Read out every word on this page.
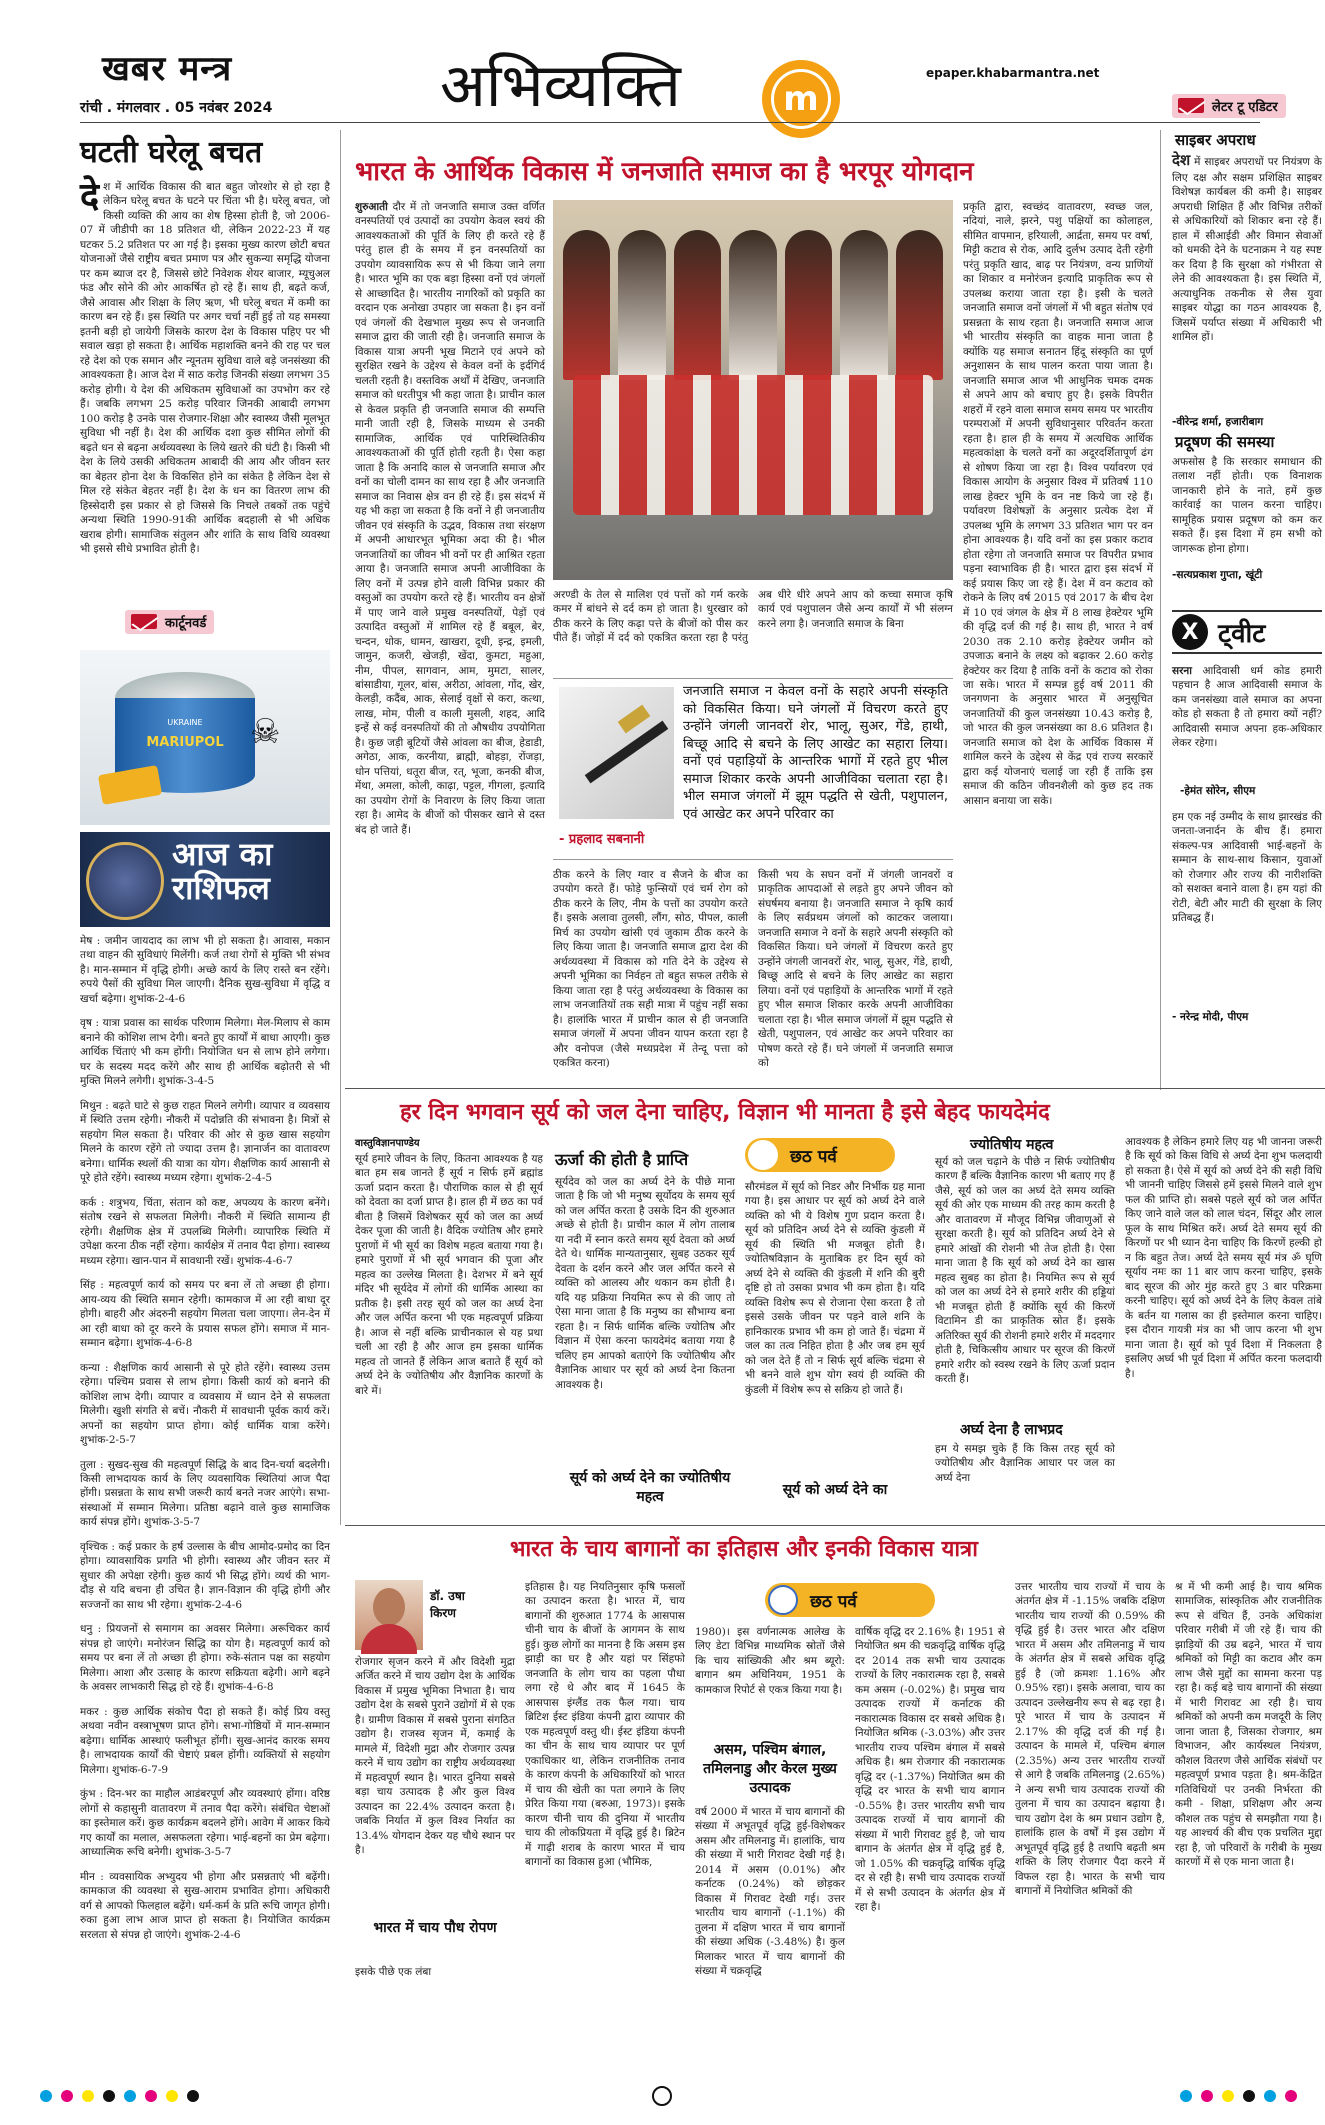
खबर मन्त्र
रांची . मंगलवार . 05 नवंबर 2024	अभिव्यक्ति	m
epaper.khabarmantra.net
घटती घरेलू बचत
दे श में आर्थिक विकास की बात बहुत जोरशोर से हो रहा है लेकिन घरेलू बचत के घटने पर चिंता भी है। घरेलू बचत, जो किसी व्यक्ति की आय का शेष हिस्सा होती है, जो 2006-07 में जीडीपी का 18 प्रतिशत थी, लेकिन 2022-23 में यह घटकर 5.2 प्रतिशत पर आ गई है। इसका मुख्य कारण छोटी बचत योजनाओं जैसे राष्ट्रीय बचत प्रमाण पत्र और सुकन्या समृद्धि योजना पर कम ब्याज दर है, जिससे छोटे निवेशक शेयर बाजार, म्यूचुअल फंड और सोने की ओर आकर्षित हो रहे हैं। साथ ही, बढ़ते कर्ज, जैसे आवास और शिक्षा के लिए ऋण, भी घरेलू बचत में कमी का कारण बन रहे हैं। इस स्थिति पर अगर चर्चा नहीं हुई तो यह समस्या इतनी बड़ी हो जायेगी जिसके कारण देश के विकास पहिए पर भी सवाल खड़ा हो सकता है। आर्थिक महाशक्ति बनने की राह पर चल रहे देश को एक समान और न्यूनतम सुविधा वाले बड़े जनसंख्या की आवश्यकता है। आज देश में साठ करोड़ जिनकी संख्या लगभग 35 करोड़ होगी। ये देश की अधिकतम सुविधाओं का उपभोग कर रहे हैं। जबकि लगभग 25 करोड़ परिवार जिनकी आबादी लगभग 100 करोड़ है उनके पास रोजगार-शिक्षा और स्वास्थ्य जैसी मूलभूत सुविधा भी नहीं है। देश की आर्थिक दशा कुछ सीमित लोगों की बढ़ते धन से बढ़ना अर्थव्यवस्था के लिये खतरे की घंटी है। किसी भी देश के लिये उसकी अधिकतम आबादी की आय और जीवन स्तर का बेहतर होना देश के विकसित होने का संकेत है लेकिन देश से मिल रहे संकेत बेहतर नहीं है। देश के धन का वितरण लाभ की हिस्सेदारी इस प्रकार से हो जिससे कि निचले तबकों तक पहुंचे अन्यथा स्थिति 1990-91की आर्थिक बदहाली से भी अधिक खराब होगी। सामाजिक संतुलन और शांति के साथ विधि व्यवस्था भी इससे सीधे प्रभावित होती है।
कार्टूनवर्ड
MARIUPOL
UKRAINE	☠
आज का
राशिफल

मेष : जमीन जायदाद का लाभ भी हो सकता है। आवास, मकान तथा वाहन की सुविधाएं मिलेंगी। कर्ज तथा रोगों से मुक्ति भी संभव है। मान-सम्मान में वृद्धि होगी। अच्छे कार्य के लिए रास्ते बन रहेंगे। रुपये पैसों की सुविधा मिल जाएगी। दैनिक सुख-सुविधा में वृद्धि व खर्चा बढ़ेगा। शुभांक-2-4-6

वृष : यात्रा प्रवास का सार्थक परिणाम मिलेगा। मेल-मिलाप से काम बनाने की कोशिश लाभ देगी। बनते हुए कार्यों में बाधा आएगी। कुछ आर्थिक चिंताएं भी कम होंगी। नियोजित धन से लाभ होने लगेगा। घर के सदस्य मदद करेंगे और साथ ही आर्थिक बढ़ोतरी से भी मुक्ति मिलने लगेगी। शुभांक-3-4-5

मिथुन : बढ़ते घाटे से कुछ राहत मिलने लगेगी। व्यापार व व्यवसाय में स्थिति उत्तम रहेगी। नौकरी में पदोन्नति की संभावना है। मित्रों से सहयोग मिल सकता है। परिवार की ओर से कुछ खास सहयोग मिलने के कारण रहेंगे तो ज्यादा उत्तम है। ज्ञानार्जन का वातावरण बनेगा। धार्मिक स्थलों की यात्रा का योग। शैक्षणिक कार्य आसानी से पूरे होते रहेंगे। स्वास्थ्य मध्यम रहेगा। शुभांक-2-4-5

कर्क : शत्रुभय, चिंता, संतान को कष्ट, अपव्यय के कारण बनेंगे। संतोष रखने से सफलता मिलेगी। नौकरी में स्थिति सामान्य ही रहेगी। शैक्षणिक क्षेत्र में उपलब्धि मिलेगी। व्यापारिक स्थिति में उपेक्षा करना ठीक नहीं रहेगा। कार्यक्षेत्र में तनाव पैदा होगा। स्वास्थ्य मध्यम रहेगा। खान-पान में सावधानी रखें। शुभांक-4-6-7

सिंह : महत्वपूर्ण कार्य को समय पर बना लें तो अच्छा ही होगा। आय-व्यय की स्थिति समान रहेगी। कामकाज में आ रही बाधा दूर होगी। बाहरी और अंदरुनी सहयोग मिलता चला जाएगा। लेन-देन में आ रही बाधा को दूर करने के प्रयास सफल होंगे। समाज में मान-सम्मान बढ़ेगा। शुभांक-4-6-8

कन्या : शैक्षणिक कार्य आसानी से पूरे होते रहेंगे। स्वास्थ्य उत्तम रहेगा। पश्चिम प्रवास से लाभ होगा। किसी कार्य को बनाने की कोशिश लाभ देगी। व्यापार व व्यवसाय में ध्यान देने से सफलता मिलेगी। खुशी संगति से बचें। नौकरी में सावधानी पूर्वक कार्य करें। अपनों का सहयोग प्राप्त होगा। कोई धार्मिक यात्रा करेंगे। शुभांक-2-5-7

तुला : सुखद-सुख की महत्वपूर्ण सिद्धि के बाद दिन-चर्या बदलेगी। किसी लाभदायक कार्य के लिए व्यवसायिक स्थितियां आज पैदा होंगी। प्रसन्नता के साथ सभी जरूरी कार्य बनते नजर आएंगे। सभा-संस्थाओं में सम्मान मिलेगा। प्रतिष्ठा बढ़ाने वाले कुछ सामाजिक कार्य संपन्न होंगे। शुभांक-3-5-7

वृश्चिक : कई प्रकार के हर्ष उल्लास के बीच आमोद-प्रमोद का दिन होगा। व्यावसायिक प्रगति भी होगी। स्वास्थ्य और जीवन स्तर में सुधार की अपेक्षा रहेगी। कुछ कार्य भी सिद्ध होंगे। व्यर्थ की भाग-दौड़ से यदि बचना ही उचित है। ज्ञान-विज्ञान की वृद्धि होगी और सज्जनों का साथ भी रहेगा। शुभांक-2-4-6

धनु : प्रियजनों से समागम का अवसर मिलेगा। अरूचिकर कार्य संपन्न हो जाएंगे। मनोरंजन सिद्धि का योग है। महत्वपूर्ण कार्य को समय पर बना लें तो अच्छा ही होगा। रुके-संतान पक्ष का सहयोग मिलेगा। आशा और उत्साह के कारण सक्रियता बढ़ेगी। आगे बढ़ने के अवसर लाभकारी सिद्ध हो रहे हैं। शुभांक-4-6-8

मकर : कुछ आर्थिक संकोच पैदा हो सकते हैं। कोई प्रिय वस्तु अथवा नवीन वस्त्राभूषण प्राप्त होंगे। सभा-गोष्ठियों में मान-सम्मान बढ़ेगा। धार्मिक आस्थाएं फलीभूत होंगी। सुख-आनंद कारक समय है। लाभदायक कार्यों की चेष्टाएं प्रबल होंगी। व्यक्तियों से सहयोग मिलेगा। शुभांक-6-7-9

कुंभ : दिन-भर का माहौल आडंबरपूर्ण और व्यवस्थाएं होंगा। वरिष्ठ लोगों से कहासुनी वातावरण में तनाव पैदा करेंगे। संबंधित चेष्टाओं का इस्तेमाल करें। कुछ कार्यक्रम बदलने होंगे। आवेग में आकर किये गए कार्यों का मलाल, असफलता रहेगा। भाई-बहनों का प्रेम बढ़ेगा। आध्यात्मिक रूचि बनेगी। शुभांक-3-5-7

मीन : व्यवसायिक अभ्युदय भी होगा और प्रसन्नताएं भी बढ़ेंगी। कामकाज की व्यवस्था से सुख-आराम प्रभावित होगा। अधिकारी वर्ग से आपको फिलहाल बढ़ेंगे। धर्म-कर्म के प्रति रूचि जागृत होगी। रुका हुआ लाभ आज प्राप्त हो सकता है। नियोजित कार्यक्रम सरलता से संपन्न हो जाएंगे। शुभांक-2-4-6

भारत के आर्थिक विकास में जनजाति समाज का है भरपूर योगदान
शुरुआती दौर में तो जनजाति समाज उक्त वर्णित वनस्पतियों एवं उत्पादों का उपयोग केवल स्वयं की आवश्यकताओं की पूर्ति के लिए ही करते रहे हैं परंतु हाल ही के समय में इन वनस्पतियों का उपयोग व्यावसायिक रूप से भी किया जाने लगा है। भारत भूमि का एक बड़ा हिस्सा वनों एवं जंगलों से आच्छादित है। भारतीय नागरिकों को प्रकृति का वरदान एक अनोखा उपहार जा सकता है। इन वनों एवं जंगलों की देखभाल मुख्य रूप से जनजाति समाज द्वारा की जाती रही है। जनजाति समाज के विकास यात्रा अपनी भूख मिटाने एवं अपने को सुरक्षित रखने के उद्देश्य से केवल वनों के इर्दगिर्द चलती रहती है। वस्तविक अर्थों में देखिए, जनजाति समाज को धरतीपुत्र भी कहा जाता है। प्राचीन काल से केवल प्रकृति ही जनजाति समाज की सम्पत्ति मानी जाती रही है, जिसके माध्यम से उनकी सामाजिक, आर्थिक एवं पारिस्थितिकीय आवश्यकताओं की पूर्ति होती रहती है। ऐसा कहा जाता है कि अनादि काल से जनजाति समाज और वनों का चोली दामन का साथ रहा है और जनजाति समाज का निवास क्षेत्र वन ही रहे हैं। इस संदर्भ में यह भी कहा जा सकता है कि वनों ने ही जनजातीय जीवन एवं संस्कृति के उद्भव, विकास तथा संरक्षण में अपनी आधारभूत भूमिका अदा की है। भील जनजातियों का जीवन भी वनों पर ही आश्रित रहता आया है। जनजाति समाज अपनी आजीविका के लिए वनों में उत्पन्न होने वाली विभिन्न प्रकार की वस्तुओं का उपयोग करते रहे हैं। भारतीय वन क्षेत्रों में पाए जाने वाले प्रमुख वनस्पतियों, पेड़ों एवं उत्पादित वस्तुओं में शामिल रहे हैं बबूल, बेर, चन्दन, धोक, धामन, खाखरा, दूधी, इन्द्र, इमली, जामुन, कजरी, खेजड़ी, खेंदा, कुमटा, महुआ, नीम, पीपल, सागवान, आम, मुमटा, सालर, बांसाडीया, गूलर, बांस, अरीठा, आंवला, गोंद, खेर, केलड़ी, कदैंब, आक, सेलाई वृक्षों से करा, कत्था, लाख, मोम, पीली व काली मुसली, शहद, आदि इन्हें से कई वनस्पतियों की तो औषधीय उपयोगिता है। कुछ जड़ी बूटियों जैसे आंवला का बीज, हेडाडी, अगेठा, आक, करनीया, ब्राह्मी, बोहड़ा, रोंजड़ा, धोन पत्तियां, धतूरा बीज, रत्, भूजा, कनकी बीज, मेंथा, अमला, कोली, काढ़ा, पट्टल, गीगला, इत्यादि का उपयोग रोगों के निवारण के लिए किया जाता रहा है। आमेद के बीजों को पीसकर खाने से दस्त बंद हो जाते हैं।
अरण्डी के तेल से मालिश एवं पत्तों को गर्म करके कमर में बांधने से दर्द कम हो जाता है। धुरखार को ठीक करने के लिए कढ़ा पत्ते के बीजों को पीस कर पीते हैं। जोड़ों में दर्द को एकत्रित करता रहा है परंतु अब धीरे धीरे अपने आप को कच्चा समाज कृषि कार्य एवं पशुपालन जैसे अन्य कार्यों में भी संलग्न करने लगा है। जनजाति समाज के बिना
प्रकृति द्वारा, स्वच्छंद वातावरण, स्वच्छ जल, नदियां, नाले, झरने, पशु पक्षियों का कोलाहल, सीमित वापमान, हरियाली, आर्द्रता, समय पर वर्षा, मिट्टी कटाव से रोक, आदि दुर्लभ उत्पाद देती रहेगी परंतु प्रकृति खाद, बाढ़ पर नियंत्रण, वन्य प्राणियों का शिकार व मनोरंजन इत्यादि प्राकृतिक रूप से उपलब्ध कराया जाता रहा है। इसी के चलते जनजाति समाज वनों जंगलों में भी बहुत संतोष एवं प्रसन्नता के साथ रहता है। जनजाति समाज आज भी भारतीय संस्कृति का वाहक माना जाता है क्योंकि यह समाज सनातन हिंदू संस्कृति का पूर्ण अनुशासन के साथ पालन करता पाया जाता है। जनजाति समाज आज भी आधुनिक चमक दमक से अपने आप को बचाए हुए है। इसके विपरीत शहरों में रहने वाला समाज समय समय पर भारतीय परम्पराओं में अपनी सुविधानुसार परिवर्तन करता रहता है। हाल ही के समय में अत्यधिक आर्थिक महत्वकांक्षा के चलते वनों का अदूरदर्शितापूर्ण ढंग से शोषण किया जा रहा है। विश्व पर्यावरण एवं विकास आयोग के अनुसार विश्व में प्रतिवर्ष 110 लाख हेक्टर भूमि के वन नष्ट किये जा रहे हैं। पर्यावरण विशेषज्ञों के अनुसार प्रत्येक देश में उपलब्ध भूमि के लगभग 33 प्रतिशत भाग पर वन होना आवश्यक है। यदि वनों का इस प्रकार कटाव होता रहेगा तो जनजाति समाज पर विपरीत प्रभाव पड़ना स्वाभाविक ही है। भारत द्वारा इस संदर्भ में कई प्रयास किए जा रहे हैं। देश में वन कटाव को रोकने के लिए वर्ष 2015 एवं 2017 के बीच देश में 10 एवं जंगल के क्षेत्र में 8 लाख हेक्टेयर भूमि की वृद्धि दर्ज की गई है। साथ ही, भारत ने वर्ष 2030 तक 2.10 करोड़ हेक्टेयर जमीन को उपजाऊ बनाने के लक्ष्य को बढ़ाकर 2.60 करोड़ हेक्टेयर कर दिया है ताकि वनों के कटाव को रोका जा सके। भारत में सम्पन्न हुई वर्ष 2011 की जनगणना के अनुसार भारत में अनुसूचित जनजातियों की कुल जनसंख्या 10.43 करोड़ है, जो भारत की कुल जनसंख्या का 8.6 प्रतिशत है। जनजाति समाज को देश के आर्थिक विकास में शामिल करने के उद्देश्य से केंद्र एवं राज्य सरकारें द्वारा कई योजनाएं चलाई जा रही हैं ताकि इस समाज की कठिन जीवनशैली को कुछ हद तक आसान बनाया जा सके।
जनजाति समाज न केवल वनों के सहारे अपनी संस्कृति को विकसित किया। घने जंगलों में विचरण करते हुए उन्होंने जंगली जानवरों शेर, भालू, सुअर, गेंडे, हाथी, बिच्छू आदि से बचने के लिए आखेट का सहारा लिया। वनों एवं पहाड़ियों के आन्तरिक भागों में रहते हुए भील समाज शिकार करके अपनी आजीविका चलाता रहा है। भील समाज जंगलों में झूम पद्धति से खेती, पशुपालन, एवं आखेट कर अपने परिवार का
- प्रहलाद सबनानी
ठीक करने के लिए ग्वार व सैजने के बीज का उपयोग करते हैं। फोड़े फुन्सियों एवं चर्म रोग को ठीक करने के लिए, नीम के पत्तों का उपयोग करते हैं। इसके अलावा तुलसी, लौंग, सोठ, पीपल, काली मिर्च का उपयोग खांसी एवं जुकाम ठीक करने के लिए किया जाता है। जनजाति समाज द्वारा देश की अर्थव्यवस्था में विकास को गति देने के उद्देश्य से अपनी भूमिका का निर्वहन तो बहुत सफल तरीके से किया जाता रहा है परंतु अर्थव्यवस्था के विकास का लाभ जनजातियों तक सही मात्रा में पहुंच नहीं सका है। हालांकि भारत में प्राचीन काल से ही जनजाति समाज जंगलों में अपना जीवन यापन करता रहा है और वनोपज (जैसे मध्यप्रदेश में तेन्दू पत्ता को एकत्रित करना)
किसी भय के सघन वनों में जंगली जानवरों व प्राकृतिक आपदाओं से लड़ते हुए अपने जीवन को संघर्षमय बनाया है। जनजाति समाज ने कृषि कार्य के लिए सर्वप्रथम जंगलों को काटकर जलाया। जनजाति समाज ने वनों के सहारे अपनी संस्कृति को विकसित किया। घने जंगलों में विचरण करते हुए उन्होंने जंगली जानवरों शेर, भालू, सुअर, गेंडे, हाथी, बिच्छू आदि से बचने के लिए आखेट का सहारा लिया। वनों एवं पहाड़ियों के आन्तरिक भागों में रहते हुए भील समाज शिकार करके अपनी आजीविका चलाता रहा है। भील समाज जंगलों में झूम पद्धति से खेती, पशुपालन, एवं आखेट कर अपने परिवार का पोषण करते रहे हैं। घने जंगलों में जनजाति समाज को
लेटर टू एडिटर
साइबर अपराध
देश में साइबर अपराधों पर नियंत्रण के लिए दक्ष और सक्षम प्रशिक्षित साइबर विशेषज्ञ कार्यबल की कमी है। साइबर अपराधी शिक्षित हैं और विभिन्न तरीकों से अधिकारियों को शिकार बना रहे हैं। हाल में सीआईडी और विमान सेवाओं को धमकी देने के घटनाक्रम ने यह स्पष्ट कर दिया है कि सुरक्षा को गंभीरता से लेने की आवश्यकता है। इस स्थिति में, अत्याधुनिक तकनीक से लैस युवा साइबर योद्धा का गठन आवश्यक है, जिसमें पर्याप्त संख्या में अधिकारी भी शामिल हों।
-वीरेन्द्र शर्मा, हजारीबाग
प्रदूषण की समस्या
अफसोस है कि सरकार समाधान की तलाश नहीं होती। एक विनाशक जानकारी होने के नाते, हमें कुछ कार्रवाई का पालन करना चाहिए। सामूहिक प्रयास प्रदूषण को कम कर सकते हैं। इस दिशा में हम सभी को जागरूक होना होगा।
-सत्यप्रकाश गुप्ता, खूंटी
X ट्वीट
सरना आदिवासी धर्म कोड हमारी पहचान है आज आदिवासी समाज के कम जनसंख्या वाले समाज का अपना कोड हो सकता है तो हमारा क्यों नहीं? आदिवासी समाज अपना हक-अधिकार लेकर रहेगा।
-हेमंत सोरेन, सीएम
हम एक नई उम्मीद के साथ झारखंड की जनता-जनार्दन के बीच हैं। हमारा संकल्प-पत्र आदिवासी भाई-बहनों के सम्मान के साथ-साथ किसान, युवाओं को रोजगार और राज्य की नारीशक्ति को सशक्त बनाने वाला है। हम यहां की रोटी, बेटी और माटी की सुरक्षा के लिए प्रतिबद्ध हैं।
- नरेन्द्र मोदी, पीएम
हर दिन भगवान सूर्य को जल देना चाहिए, विज्ञान भी मानता है इसे बेहद फायदेमंद
वास्तुविज्ञानपाण्डेय
सूर्य हमारे जीवन के लिए, कितना आवश्यक है यह बात हम सब जानते हैं सूर्य न सिर्फ हमें ब्रह्मांड ऊर्जा प्रदान करता है। पौराणिक काल से ही सूर्य को देवता का दर्जा प्राप्त है। हाल ही में छठ का पर्व बीता है जिसमें विशेषकर सूर्य को जल का अर्घ्य देकर पूजा की जाती है। वैदिक ज्योतिष और हमारे पुराणों में भी सूर्य का विशेष महत्व बताया गया है। हमारे पुराणों में भी सूर्य भगवान की पूजा और महत्व का उल्लेख मिलता है। देशभर में बने सूर्य मंदिर भी सूर्यदेव में लोगों की धार्मिक आस्था का प्रतीक है। इसी तरह सूर्य को जल का अर्घ्य देना और जल अर्पित करना भी एक महत्वपूर्ण प्रक्रिया है। आज से नहीं बल्कि प्राचीनकाल से यह प्रथा चली आ रही है और आज हम इसका धार्मिक महत्व तो जानते हैं लेकिन आज बताते हैं सूर्य को अर्घ्य देने के ज्योतिषीय और वैज्ञानिक कारणों के बारे में।
ऊर्जा की होती है प्राप्ति
सूर्यदेव को जल का अर्घ्य देने के पीछे माना जाता है कि जो भी मनुष्य सूर्योदय के समय सूर्य को जल अर्पित करता है उसके दिन की शुरुआत अच्छे से होती है। प्राचीन काल में लोग तालाब या नदी में स्नान करते समय सूर्य देवता को अर्घ्य देते थे। धार्मिक मान्यतानुसार, सुबह उठकर सूर्य देवता के दर्शन करने और जल अर्पित करने से व्यक्ति को आलस्य और थकान कम होती है। यदि यह प्रक्रिया नियमित रूप से की जाए तो ऐसा माना जाता है कि मनुष्य का सौभाग्य बना रहता है। न सिर्फ धार्मिक बल्कि ज्योतिष और विज्ञान में ऐसा करना फायदेमंद बताया गया है चलिए हम आपको बताएंगे कि ज्योतिषीय और वैज्ञानिक आधार पर सूर्य को अर्घ्य देना कितना आवश्यक है।
सूर्य को अर्घ्य देने का ज्योतिषीय महत्व
छठ पर्व
सौरमंडल में सूर्य को निडर और निर्भीक ग्रह माना गया है। इस आधार पर सूर्य को अर्घ्य देने वाले व्यक्ति को भी ये विशेष गुण प्रदान करता है। सूर्य को प्रतिदिन अर्घ्य देने से व्यक्ति कुंडली में सूर्य की स्थिति भी मजबूत होती है। ज्योतिषविज्ञान के मुताबिक हर दिन सूर्य को अर्घ्य देने से व्यक्ति की कुंडली में शनि की बुरी दृष्टि हो तो उसका प्रभाव भी कम होता है। यदि व्यक्ति विशेष रूप से रोजाना ऐसा करता है तो इससे उसके जीवन पर पड़ने वाले शनि के हानिकारक प्रभाव भी कम हो जाते हैं। चंद्रमा में जल का तत्व निहित होता है और जब हम सूर्य को जल देते हैं तो न सिर्फ सूर्य बल्कि चंद्रमा से भी बनने वाले शुभ योग स्वयं ही व्यक्ति की कुंडली में विशेष रूप से सक्रिय हो जाते हैं।
सूर्य को अर्घ्य देने का
ज्योतिषीय महत्व
सूर्य को जल चढ़ाने के पीछे न सिर्फ ज्योतिषीय कारण हैं बल्कि वैज्ञानिक कारण भी बताए गए हैं जैसे, सूर्य को जल का अर्घ्य देते समय व्यक्ति सूर्य की ओर एक माध्यम की तरह काम करती है और वातावरण में मौजूद विभिन्न जीवाणुओं से सुरक्षा करती है। सूर्य को प्रतिदिन अर्घ्य देने से हमारे आंखों की रोशनी भी तेज होती है। ऐसा माना जाता है कि सूर्य को अर्घ्य देने का खास महत्व सुबह का होता है। नियमित रूप से सूर्य को जल का अर्घ्य देने से हमारे शरीर की हड्डियां भी मजबूत होती हैं क्योंकि सूर्य की किरणें विटामिन डी का प्राकृतिक स्रोत हैं। इसके अतिरिक्त सूर्य की रोशनी हमारे शरीर में मददगार होती है, चिकित्सीय आधार पर सूरज की किरणें हमारे शरीर को स्वस्थ रखने के लिए ऊर्जा प्रदान करती हैं।
अर्घ्य देना है लाभप्रद
हम ये समझ चुके हैं कि किस तरह सूर्य को ज्योतिषीय और वैज्ञानिक आधार पर जल का अर्घ्य देना
आवश्यक है लेकिन हमारे लिए यह भी जानना जरूरी है कि सूर्य को किस विधि से अर्घ्य देना शुभ फलदायी हो सकता है। ऐसे में सूर्य को अर्घ्य देने की सही विधि भी जाननी चाहिए जिससे हमें इससे मिलने वाले शुभ फल की प्राप्ति हो। सबसे पहले सूर्य को जल अर्पित किए जाने वाले जल को लाल चंदन, सिंदूर और लाल फूल के साथ मिश्रित करें। अर्घ्य देते समय सूर्य की किरणों पर भी ध्यान देना चाहिए कि किरणें हल्की हो न कि बहुत तेज। अर्घ्य देते समय सूर्य मंत्र ॐ घृणि सूर्याय नमः का 11 बार जाप करना चाहिए, इसके बाद सूरज की ओर मुंह करते हुए 3 बार परिक्रमा करनी चाहिए। सूर्य को अर्घ्य देने के लिए केवल तांबे के बर्तन या गलास का ही इस्तेमाल करना चाहिए। इस दौरान गायत्री मंत्र का भी जाप करना भी शुभ माना जाता है। सूर्य को पूर्व दिशा में निकलता है इसलिए अर्घ्य भी पूर्व दिशा में अर्पित करना फलदायी है।
भारत के चाय बागानों का इतिहास और इनकी विकास यात्रा
डॉ. उषा किरण
रोजगार सृजन करने में और विदेशी मुद्रा अर्जित करने में चाय उद्योग देश के आर्थिक विकास में प्रमुख भूमिका निभाता है। चाय उद्योग देश के सबसे पुराने उद्योगों में से एक है। ग्रामीण विकास में सबसे पुराना संगठित उद्योग है। राजस्व सृजन में, कमाई के मामले में, विदेशी मुद्रा और रोजगार उत्पन्न करने में चाय उद्योग का राष्ट्रीय अर्थव्यवस्था में महत्वपूर्ण स्थान है। भारत दुनिया सबसे बड़ा चाय उत्पादक है और कुल विश्व उत्पादन का 22.4% उत्पादन करता है। जबकि निर्यात में कुल विश्व निर्यात का 13.4% योगदान देकर यह चौथे स्थान पर है।
भारत में चाय पौध रोपण
इसके पीछे एक लंबा
इतिहास है। यह नियतिनुसार कृषि फसलों का उत्पादन करता है। भारत में, चाय बागानों की शुरुआत 1774 के आसपास चीनी चाय के बीजों के आगमन के साथ हुई। कुछ लोगों का मानना है कि असम इस झाड़ी का घर है और यहां पर सिंहफो जनजाति के लोग चाय का पहला पौधा लगा रहे थे और बाद में 1645 के आसपास इंग्लैंड तक फैल गया। चाय ब्रिटिश ईस्ट इंडिया कंपनी द्वारा व्यापार की एक महत्वपूर्ण वस्तु थी। ईस्ट इंडिया कंपनी का चीन के साथ चाय व्यापार पर पूर्ण एकाधिकार था, लेकिन राजनीतिक तनाव के कारण कंपनी के अधिकारियों को भारत में चाय की खेती का पता लगाने के लिए प्रेरित किया गया (बरुआ, 1973)। इसके कारण चीनी चाय की दुनिया में भारतीय चाय की लोकप्रियता में वृद्धि हुई है। ब्रिटेन में गाढ़ी शराब के कारण भारत में चाय बागानों का विकास हुआ (भौमिक,
छठ पर्व
1980)। इस वर्णनात्मक आलेख के लिए डेटा विभिन्न माध्यमिक स्रोतों जैसे कि चाय सांख्यिकी और श्रम ब्यूरो: बागान श्रम अधिनियम, 1951 के कामकाज रिपोर्ट से एकत्र किया गया है।
असम, पश्चिम बंगाल, तमिलनाडु और केरल मुख्य उत्पादक
वर्ष 2000 में भारत में चाय बागानों की संख्या में अभूतपूर्व वृद्धि हुई-विशेषकर असम और तमिलनाडु में। हालांकि, चाय की संख्या में भारी गिरावट देखी गई है। 2014 में असम (0.01%) और कर्नाटक (0.24%) को छोड़कर विकास में गिरावट देखी गई। उत्तर भारतीय चाय बागानों (-1.1%) की तुलना में दक्षिण भारत में चाय बागानों की संख्या अधिक (-3.48%) है। कुल मिलाकर भारत में चाय बागानों की संख्या में चक्रवृद्धि
वार्षिक वृद्धि दर 2.16% है। 1951 से नियोजित श्रम की चक्रवृद्धि वार्षिक वृद्धि दर 2014 तक सभी चाय उत्पादक राज्यों के लिए नकारात्मक रहा है, सबसे कम असम (-0.02%) है। प्रमुख चाय उत्पादक राज्यों में कर्नाटक की नकारात्मक विकास दर सबसे अधिक है। नियोजित श्रमिक (-3.03%) और उत्तर भारतीय राज्य पश्चिम बंगाल में सबसे अधिक है। श्रम रोजगार की नकारात्मक वृद्धि दर (-1.37%) नियोजित श्रम की वृद्धि दर भारत के सभी चाय बागान -0.55% है। उत्तर भारतीय सभी चाय उत्पादक राज्यों में चाय बागानों की संख्या में भारी गिरावट हुई है, जो चाय बागान के अंतर्गत क्षेत्र में वृद्धि हुई है, जो 1.05% की चक्रवृद्धि वार्षिक वृद्धि दर से रही है। सभी चाय उत्पादक राज्यों में से सभी उत्पादन के अंतर्गत क्षेत्र में रहा है।
उत्तर भारतीय चाय राज्यों में चाय के अंतर्गत क्षेत्र में -1.15% जबकि दक्षिण भारतीय चाय राज्यों की 0.59% की वृद्धि हुई है। उत्तर भारत और दक्षिण भारत में असम और तमिलनाडु में चाय के अंतर्गत क्षेत्र में सबसे अधिक वृद्धि हुई है (जो क्रमशः 1.16% और 0.95% रहा)। इसके अलावा, चाय का उत्पादन उल्लेखनीय रूप से बढ़ रहा है। पूरे भारत में चाय के उत्पादन में 2.17% की वृद्धि दर्ज की गई है। उत्पादन के मामले में, पश्चिम बंगाल (2.35%) अन्य उत्तर भारतीय राज्यों से आगे है जबकि तमिलनाडु (2.65%) ने अन्य सभी चाय उत्पादक राज्यों की तुलना में चाय का उत्पादन बढ़ाया है। चाय उद्योग देश के श्रम प्रधान उद्योग है, हालांकि हाल के वर्षों में इस उद्योग में अभूतपूर्व वृद्धि हुई है तथापि बढ़ती श्रम शक्ति के लिए रोजगार पैदा करने में विफल रहा है। भारत के सभी चाय बागानों में नियोजित श्रमिकों की
श्र में भी कमी आई है। चाय श्रमिक सामाजिक, सांस्कृतिक और राजनीतिक रूप से वंचित हैं, उनके अधिकांश परिवार गरीबी में जी रहे हैं। चाय की झाड़ियों की उम्र बढ़ने, भारत में चाय श्रमिकों को मिट्टी का कटाव और कम लाभ जैसे मुद्दों का सामना करना पड़ रहा है। कई बड़े चाय बागानों की संख्या में भारी गिरावट आ रही है। चाय श्रमिकों को अपनी कम मजदूरी के लिए जाना जाता है, जिसका रोजगार, श्रम विभाजन, और कार्यस्थल नियंत्रण, कौशल वितरण जैसे आर्थिक संबंधों पर महत्वपूर्ण प्रभाव पड़ता है। श्रम-केंद्रित गतिविधियों पर उनकी निर्भरता की कमी - शिक्षा, प्रशिक्षण और अन्य कौशल तक पहुंच से समझौता गया है। यह आश्चर्य की बीच एक प्रचलित मुद्दा रहा है, जो परिवारों के गरीबी के मुख्य कारणों में से एक माना जाता है।
